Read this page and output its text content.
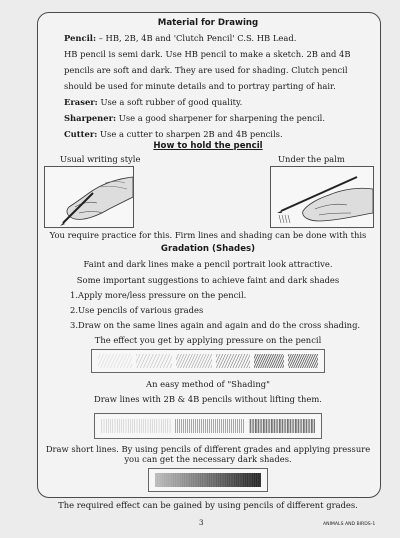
Material for Drawing
Pencil: – HB, 2B, 4B and 'Clutch Pencil' C.S. HB Lead.
HB pencil is semi dark. Use HB pencil to make a sketch. 2B and 4B
pencils are soft and dark. They are used for shading. Clutch pencil
should be used for minute details and to portray parting of hair.
Eraser: Use a soft rubber of good quality.
Sharpener: Use a good sharpener for sharpening the pencil.
Cutter: Use a cutter to sharpen 2B and 4B pencils.
How to hold the pencil
Usual writing style	Under the palm
You require practice for this. Firm lines and shading can be done with this
Gradation (Shades)
Faint and dark lines make a pencil portrait look attractive.
Some important suggestions to achieve faint and dark shades
1.Apply more/less pressure on the pencil.
2.Use pencils of various grades
3.Draw on the same lines again and again and do the cross shading.
The effect you get by applying pressure on the pencil
An easy method of "Shading"
Draw lines with 2B & 4B pencils without lifting them.
Draw short lines. By using pencils of different grades and applying pressure
you can get the necessary dark shades.
The required effect can be gained by using pencils of different grades.
3	ANIMALS AND BIRDS-1
